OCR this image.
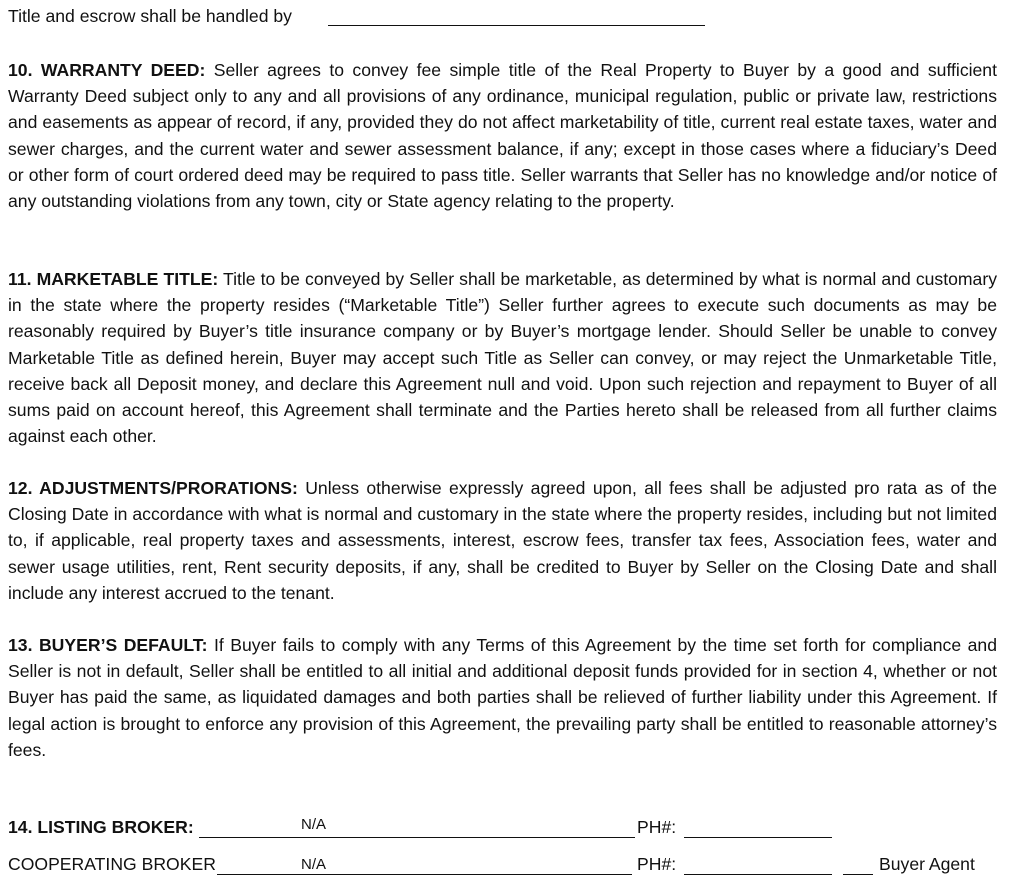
Title and escrow shall be handled by

10. WARRANTY DEED: Seller agrees to convey fee simple title of the Real Property to Buyer by a good and sufficient Warranty Deed subject only to any and all provisions of any ordinance, municipal regulation, public or private law, restrictions and easements as appear of record, if any, provided they do not affect marketability of title, current real estate taxes, water and sewer charges, and the current water and sewer assessment balance, if any; except in those cases where a fiduciary’s Deed or other form of court ordered deed may be required to pass title. Seller warrants that Seller has no knowledge and/or notice of any outstanding violations from any town, city or State agency relating to the property.

11. MARKETABLE TITLE: Title to be conveyed by Seller shall be marketable, as determined by what is normal and customary in the state where the property resides (“Marketable Title”) Seller further agrees to execute such documents as may be reasonably required by Buyer’s title insurance company or by Buyer’s mortgage lender. Should Seller be unable to convey Marketable Title as defined herein, Buyer may accept such Title as Seller can convey, or may reject the Unmarketable Title, receive back all Deposit money, and declare this Agreement null and void. Upon such rejection and repayment to Buyer of all sums paid on account hereof, this Agreement shall terminate and the Parties hereto shall be released from all further claims against each other.

12. ADJUSTMENTS/PRORATIONS: Unless otherwise expressly agreed upon, all fees shall be adjusted pro rata as of the Closing Date in accordance with what is normal and customary in the state where the property resides, including but not limited to, if applicable, real property taxes and assessments, interest, escrow fees, transfer tax fees, Association fees, water and sewer usage utilities, rent, Rent security deposits, if any, shall be credited to Buyer by Seller on the Closing Date and shall include any interest accrued to the tenant.

13. BUYER’S DEFAULT: If Buyer fails to comply with any Terms of this Agreement by the time set forth for compliance and Seller is not in default, Seller shall be entitled to all initial and additional deposit funds provided for in section 4, whether or not Buyer has paid the same, as liquidated damages and both parties shall be relieved of further liability under this Agreement. If legal action is brought to enforce any provision of this Agreement, the prevailing party shall be entitled to reasonable attorney’s fees.

14. LISTING BROKER:	N/A	PH#:
COOPERATING BROKER	N/A	PH#:	Buyer Agent
